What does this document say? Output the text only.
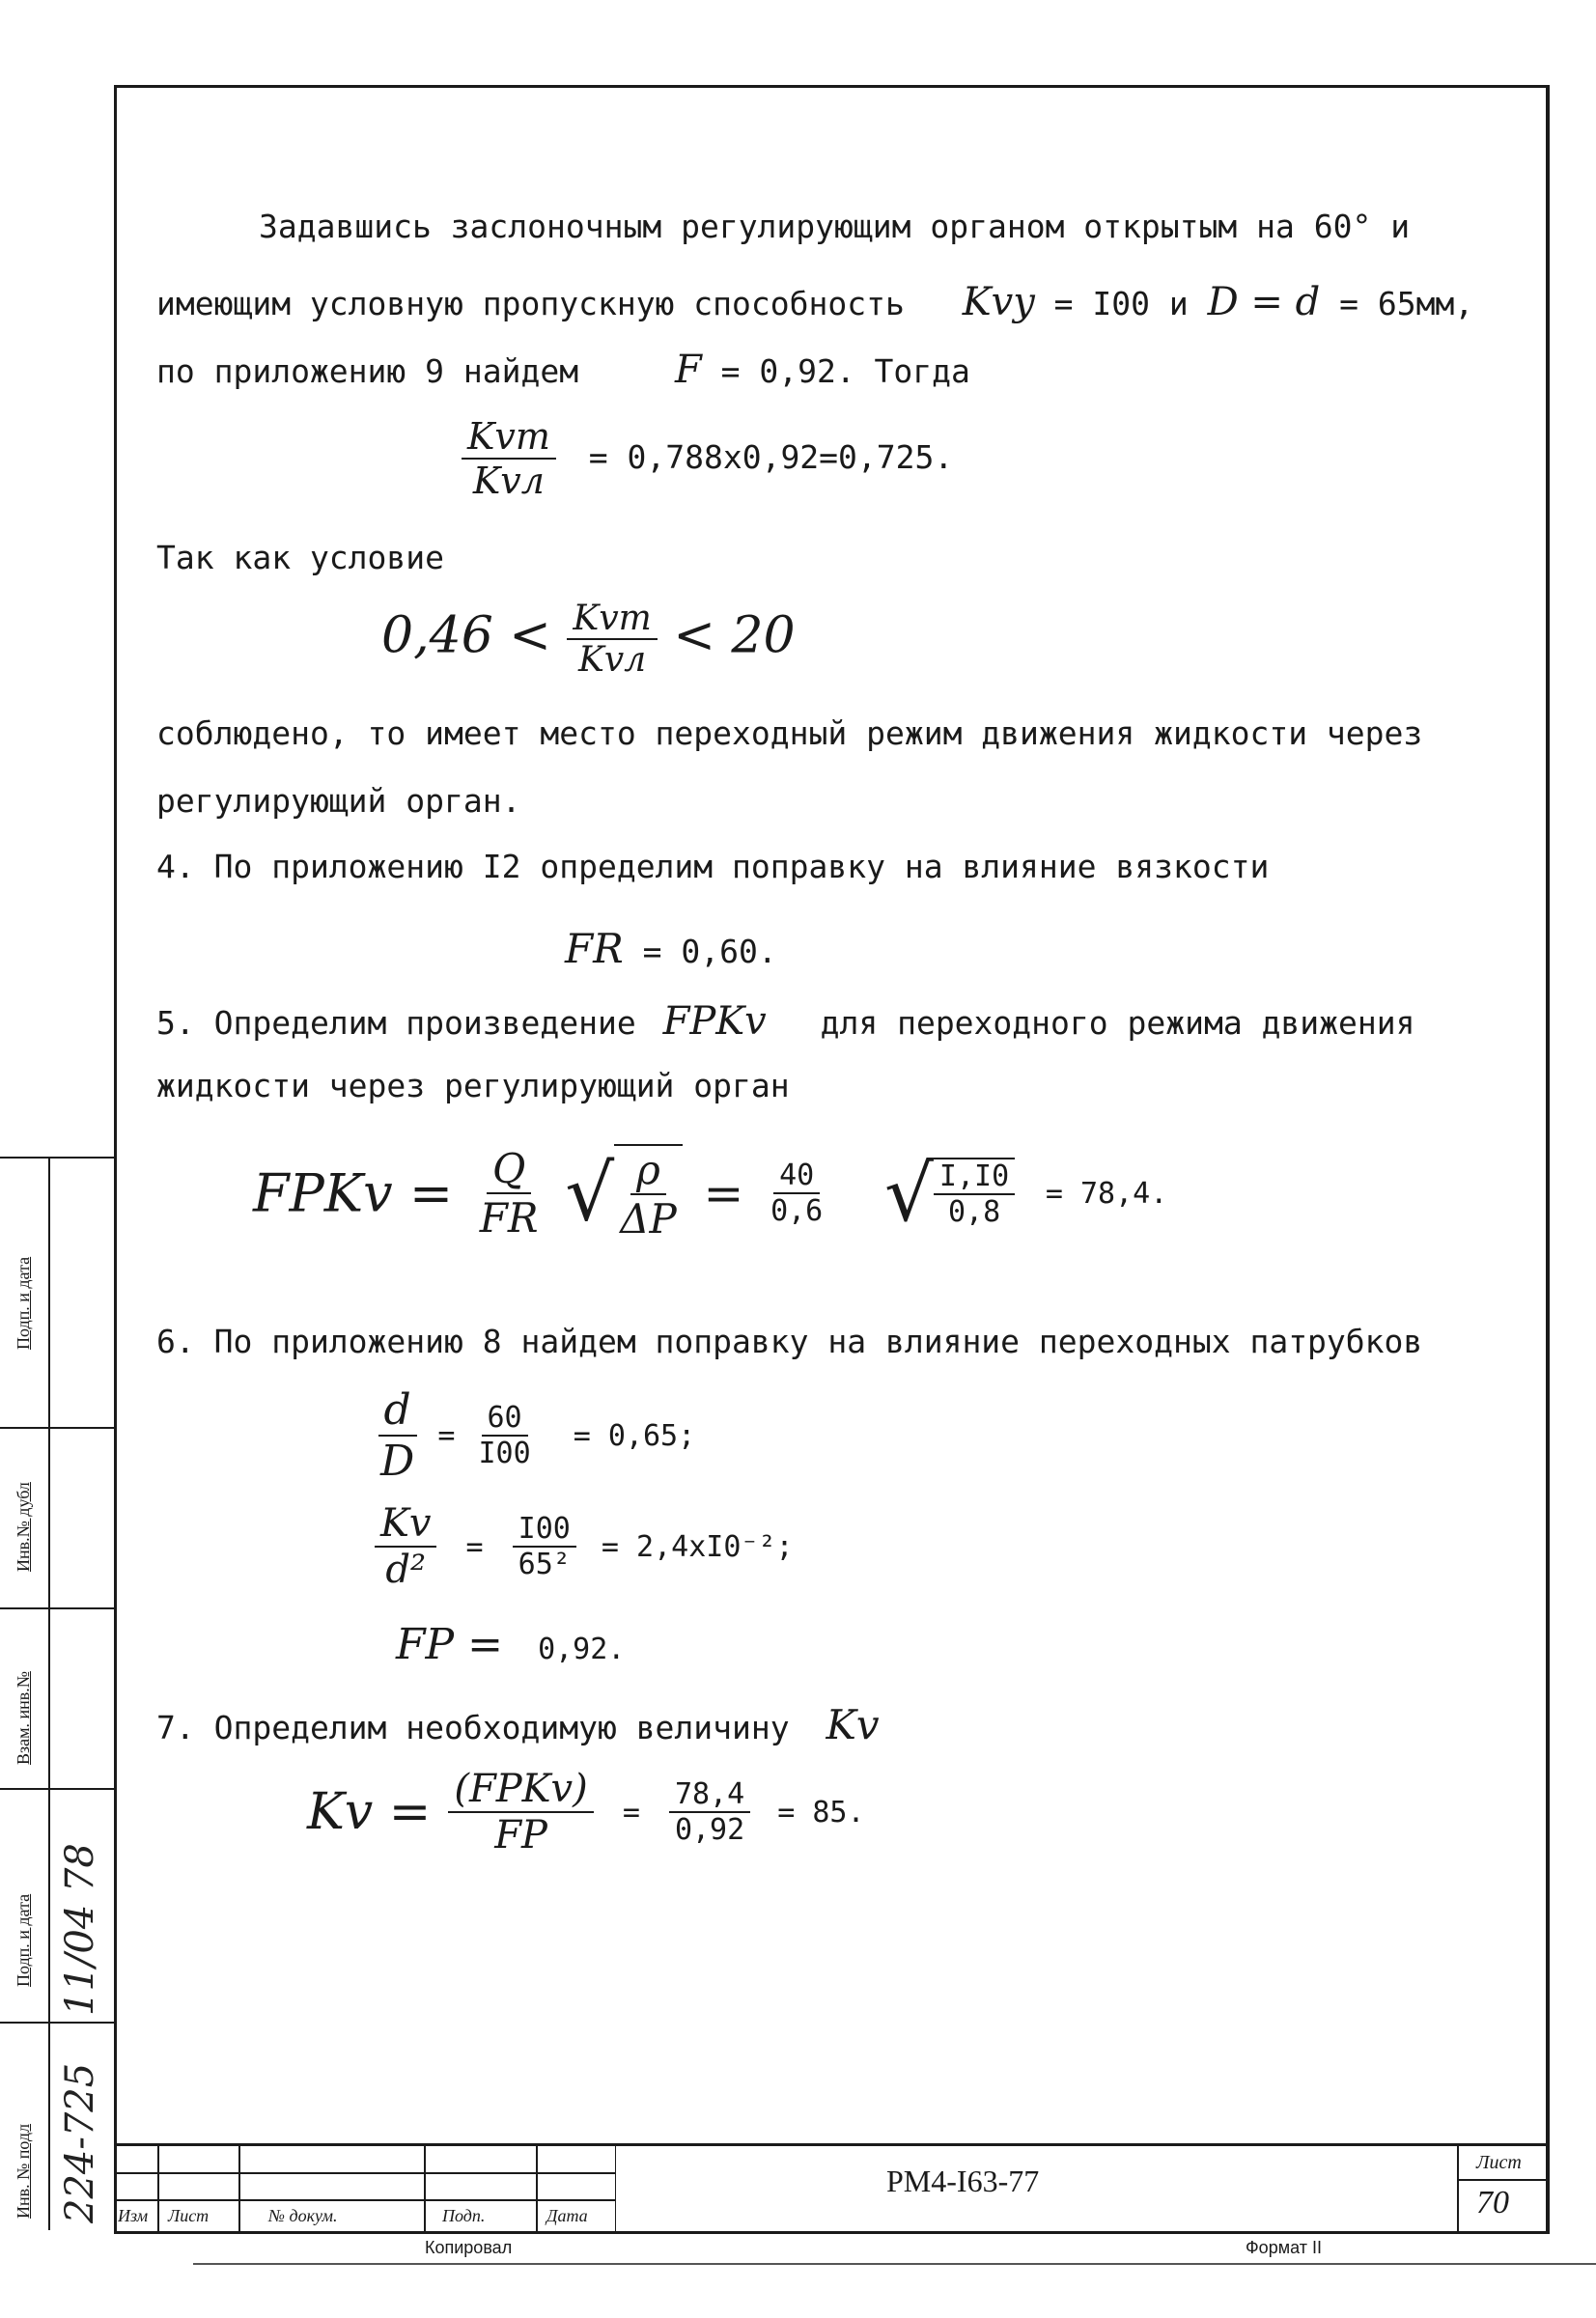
Задавшись заслоночным регулирующим органом открытым на 60° и
имеющим условную пропускную способность Kvy = I00 и D = d = 65мм,
по приложению 9 найдем F = 0,92. Тогда
$\frac{\text{Kvт}}{\text{Kvл}} = 0,788x0,92=0,725$.
Так как условие
$0,46 < \frac{\text{Kvт}}{\text{Kvл}} < 20$
соблюдено, то имеет место переходный режим движения жидкости через
регулирующий орган.
4. По приложению I2 определим поправку на влияние вязкости
FR = 0,60.
5. Определим произведение FPKv для переходного режима движения
жидкости через регулирующий орган
FPKv = $\frac{Q}{FR}$ √ $\frac{\rho}{\Delta P} = \frac{40}{0,6}$ √ $\frac{I,I0}{0,8} = 78,4$.
6. По приложению 8 найдем поправку на влияние переходных патрубков
$\frac{d}{D} = \frac{60}{I00} = 0,65$;
$\frac{Kv}{\text{d²}} = \frac{I00}{\text{65²}} = 2,4xI0^{-2}$;
FP = 0,92.
7. Определим необходимую величину Kv
$Kv = \frac{\text{(FPKv)}}{FP} = \frac{78,4}{0,92} = 85$.
Подп. и дата
Инв.№ дубл
Взам. инв.№
Подп. и дата
Инв. № подл 224-725
11/04 78
Изм Лист	№ докум.	Подп.	Дата
РМ4-I63-77
Лист
70
Копировал	Формат II
